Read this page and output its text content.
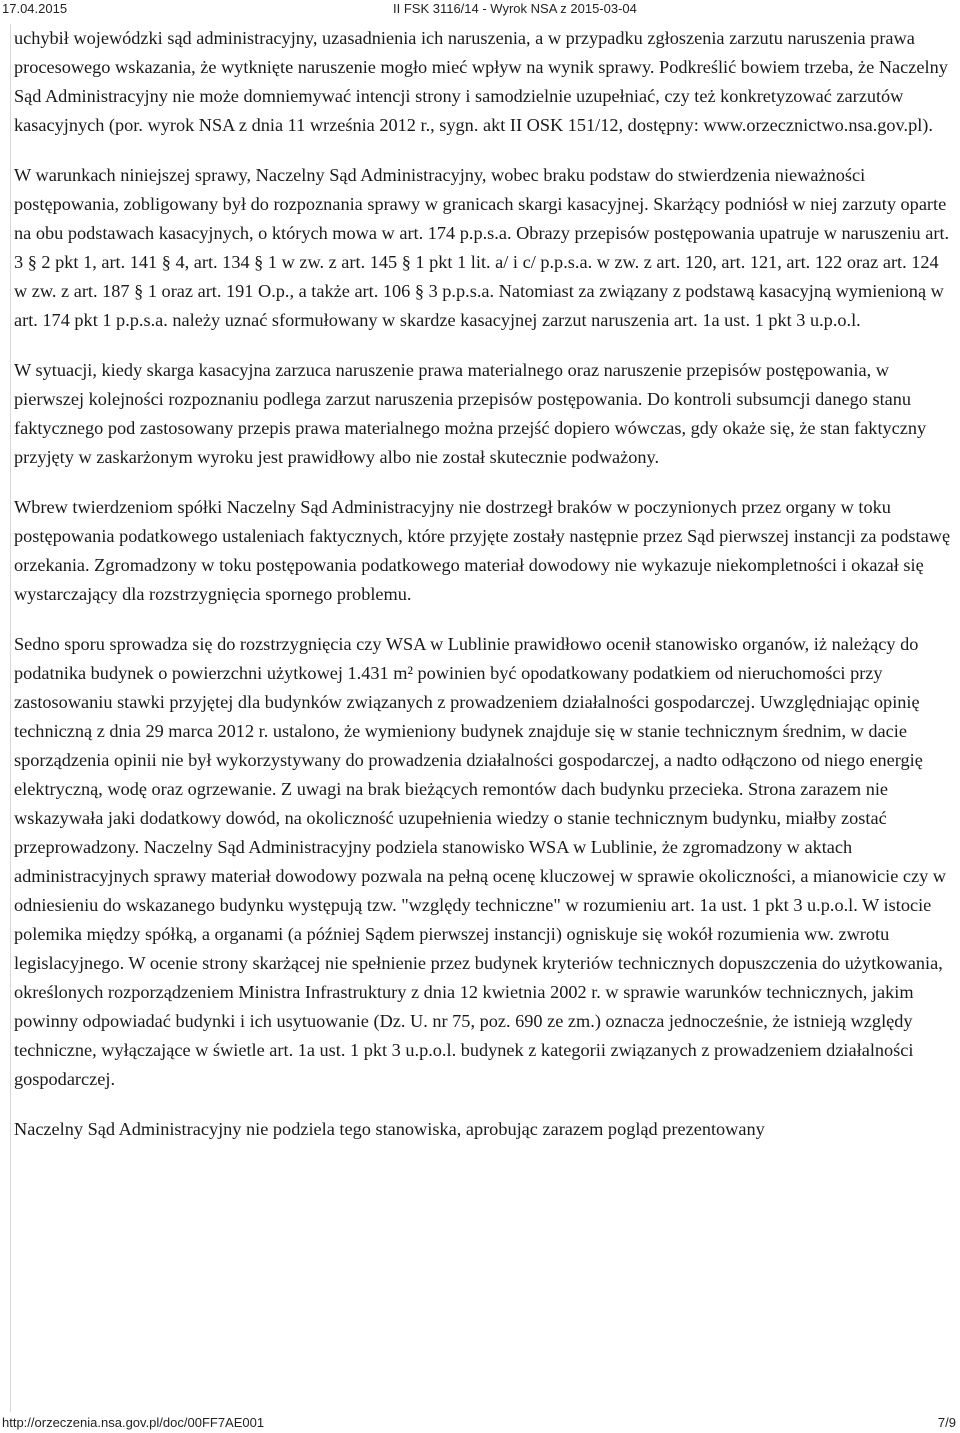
17.04.2015	II FSK 3116/14 - Wyrok NSA z 2015-03-04

uchybił wojewódzki sąd administracyjny, uzasadnienia ich naruszenia, a w przypadku zgłoszenia zarzutu naruszenia prawa procesowego wskazania, że wytknięte naruszenie mogło mieć wpływ na wynik sprawy. Podkreślić bowiem trzeba, że Naczelny Sąd Administracyjny nie może domniemywać intencji strony i samodzielnie uzupełniać, czy też konkretyzować zarzutów kasacyjnych (por. wyrok NSA z dnia 11 września 2012 r., sygn. akt II OSK 151/12, dostępny: www.orzecznictwo.nsa.gov.pl).

W warunkach niniejszej sprawy, Naczelny Sąd Administracyjny, wobec braku podstaw do stwierdzenia nieważności postępowania, zobligowany był do rozpoznania sprawy w granicach skargi kasacyjnej. Skarżący podniósł w niej zarzuty oparte na obu podstawach kasacyjnych, o których mowa w art. 174 p.p.s.a. Obrazy przepisów postępowania upatruje w naruszeniu art. 3 § 2 pkt 1, art. 141 § 4, art. 134 § 1 w zw. z art. 145 § 1 pkt 1 lit. a/ i c/ p.p.s.a. w zw. z art. 120, art. 121, art. 122 oraz art. 124 w zw. z art. 187 § 1 oraz art. 191 O.p., a także art. 106 § 3 p.p.s.a. Natomiast za związany z podstawą kasacyjną wymienioną w art. 174 pkt 1 p.p.s.a. należy uznać sformułowany w skardze kasacyjnej zarzut naruszenia art. 1a ust. 1 pkt 3 u.p.o.l.

W sytuacji, kiedy skarga kasacyjna zarzuca naruszenie prawa materialnego oraz naruszenie przepisów postępowania, w pierwszej kolejności rozpoznaniu podlega zarzut naruszenia przepisów postępowania. Do kontroli subsumcji danego stanu faktycznego pod zastosowany przepis prawa materialnego można przejść dopiero wówczas, gdy okaże się, że stan faktyczny przyjęty w zaskarżonym wyroku jest prawidłowy albo nie został skutecznie podważony.

Wbrew twierdzeniom spółki Naczelny Sąd Administracyjny nie dostrzegł braków w poczynionych przez organy w toku postępowania podatkowego ustaleniach faktycznych, które przyjęte zostały następnie przez Sąd pierwszej instancji za podstawę orzekania. Zgromadzony w toku postępowania podatkowego materiał dowodowy nie wykazuje niekompletności i okazał się wystarczający dla rozstrzygnięcia spornego problemu.

Sedno sporu sprowadza się do rozstrzygnięcia czy WSA w Lublinie prawidłowo ocenił stanowisko organów, iż należący do podatnika budynek o powierzchni użytkowej 1.431 m² powinien być opodatkowany podatkiem od nieruchomości przy zastosowaniu stawki przyjętej dla budynków związanych z prowadzeniem działalności gospodarczej. Uwzględniając opinię techniczną z dnia 29 marca 2012 r. ustalono, że wymieniony budynek znajduje się w stanie technicznym średnim, w dacie sporządzenia opinii nie był wykorzystywany do prowadzenia działalności gospodarczej, a nadto odłączono od niego energię elektryczną, wodę oraz ogrzewanie. Z uwagi na brak bieżących remontów dach budynku przecieka. Strona zarazem nie wskazywała jaki dodatkowy dowód, na okoliczność uzupełnienia wiedzy o stanie technicznym budynku, miałby zostać przeprowadzony. Naczelny Sąd Administracyjny podziela stanowisko WSA w Lublinie, że zgromadzony w aktach administracyjnych sprawy materiał dowodowy pozwala na pełną ocenę kluczowej w sprawie okoliczności, a mianowicie czy w odniesieniu do wskazanego budynku występują tzw. "względy techniczne" w rozumieniu art. 1a ust. 1 pkt 3 u.p.o.l. W istocie polemika między spółką, a organami (a później Sądem pierwszej instancji) ogniskuje się wokół rozumienia ww. zwrotu legislacyjnego. W ocenie strony skarżącej nie spełnienie przez budynek kryteriów technicznych dopuszczenia do użytkowania, określonych rozporządzeniem Ministra Infrastruktury z dnia 12 kwietnia 2002 r. w sprawie warunków technicznych, jakim powinny odpowiadać budynki i ich usytuowanie (Dz. U. nr 75, poz. 690 ze zm.) oznacza jednocześnie, że istnieją względy techniczne, wyłączające w świetle art. 1a ust. 1 pkt 3 u.p.o.l. budynek z kategorii związanych z prowadzeniem działalności gospodarczej.

Naczelny Sąd Administracyjny nie podzielа tego stanowiska, aprobując zarazem pogląd prezentowany

http://orzeczenia.nsa.gov.pl/doc/00FF7AE001	7/9
